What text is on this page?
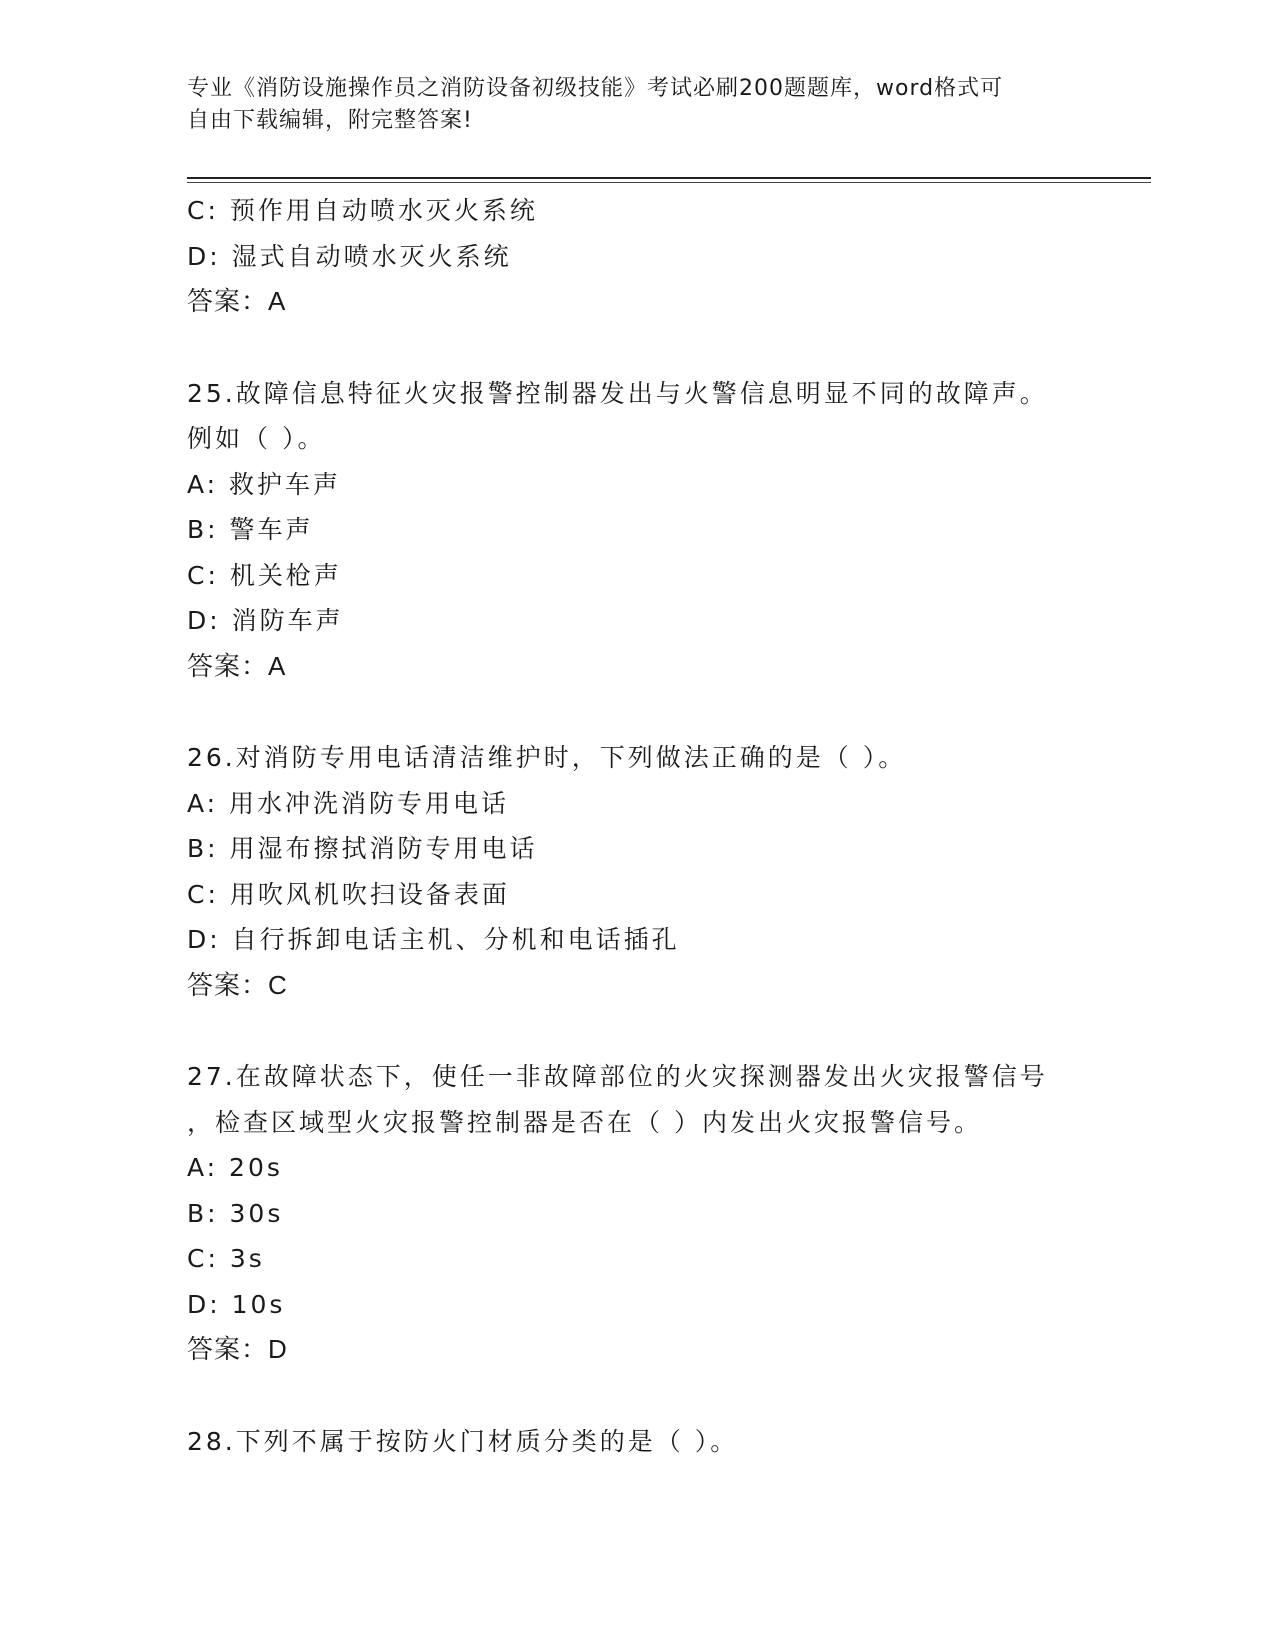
专业《消防设施操作员之消防设备初级技能》考试必刷200题题库，word格式可
自由下载编辑，附完整答案!
C: 预作用自动喷水灭火系统
D: 湿式自动喷水灭火系统
答案：A
25.故障信息特征火灾报警控制器发出与火警信息明显不同的故障声。
例如（ ）。
A: 救护车声
B: 警车声
C: 机关枪声
D: 消防车声
答案：A
26.对消防专用电话清洁维护时，下列做法正确的是（ ）。
A: 用水冲洗消防专用电话
B: 用湿布擦拭消防专用电话
C: 用吹风机吹扫设备表面
D: 自行拆卸电话主机、分机和电话插孔
答案：C
27.在故障状态下，使任一非故障部位的火灾探测器发出火灾报警信号
，检查区域型火灾报警控制器是否在（ ）内发出火灾报警信号。
A: 20s
B: 30s
C: 3s
D: 10s
答案：D
28.下列不属于按防火门材质分类的是（ ）。
